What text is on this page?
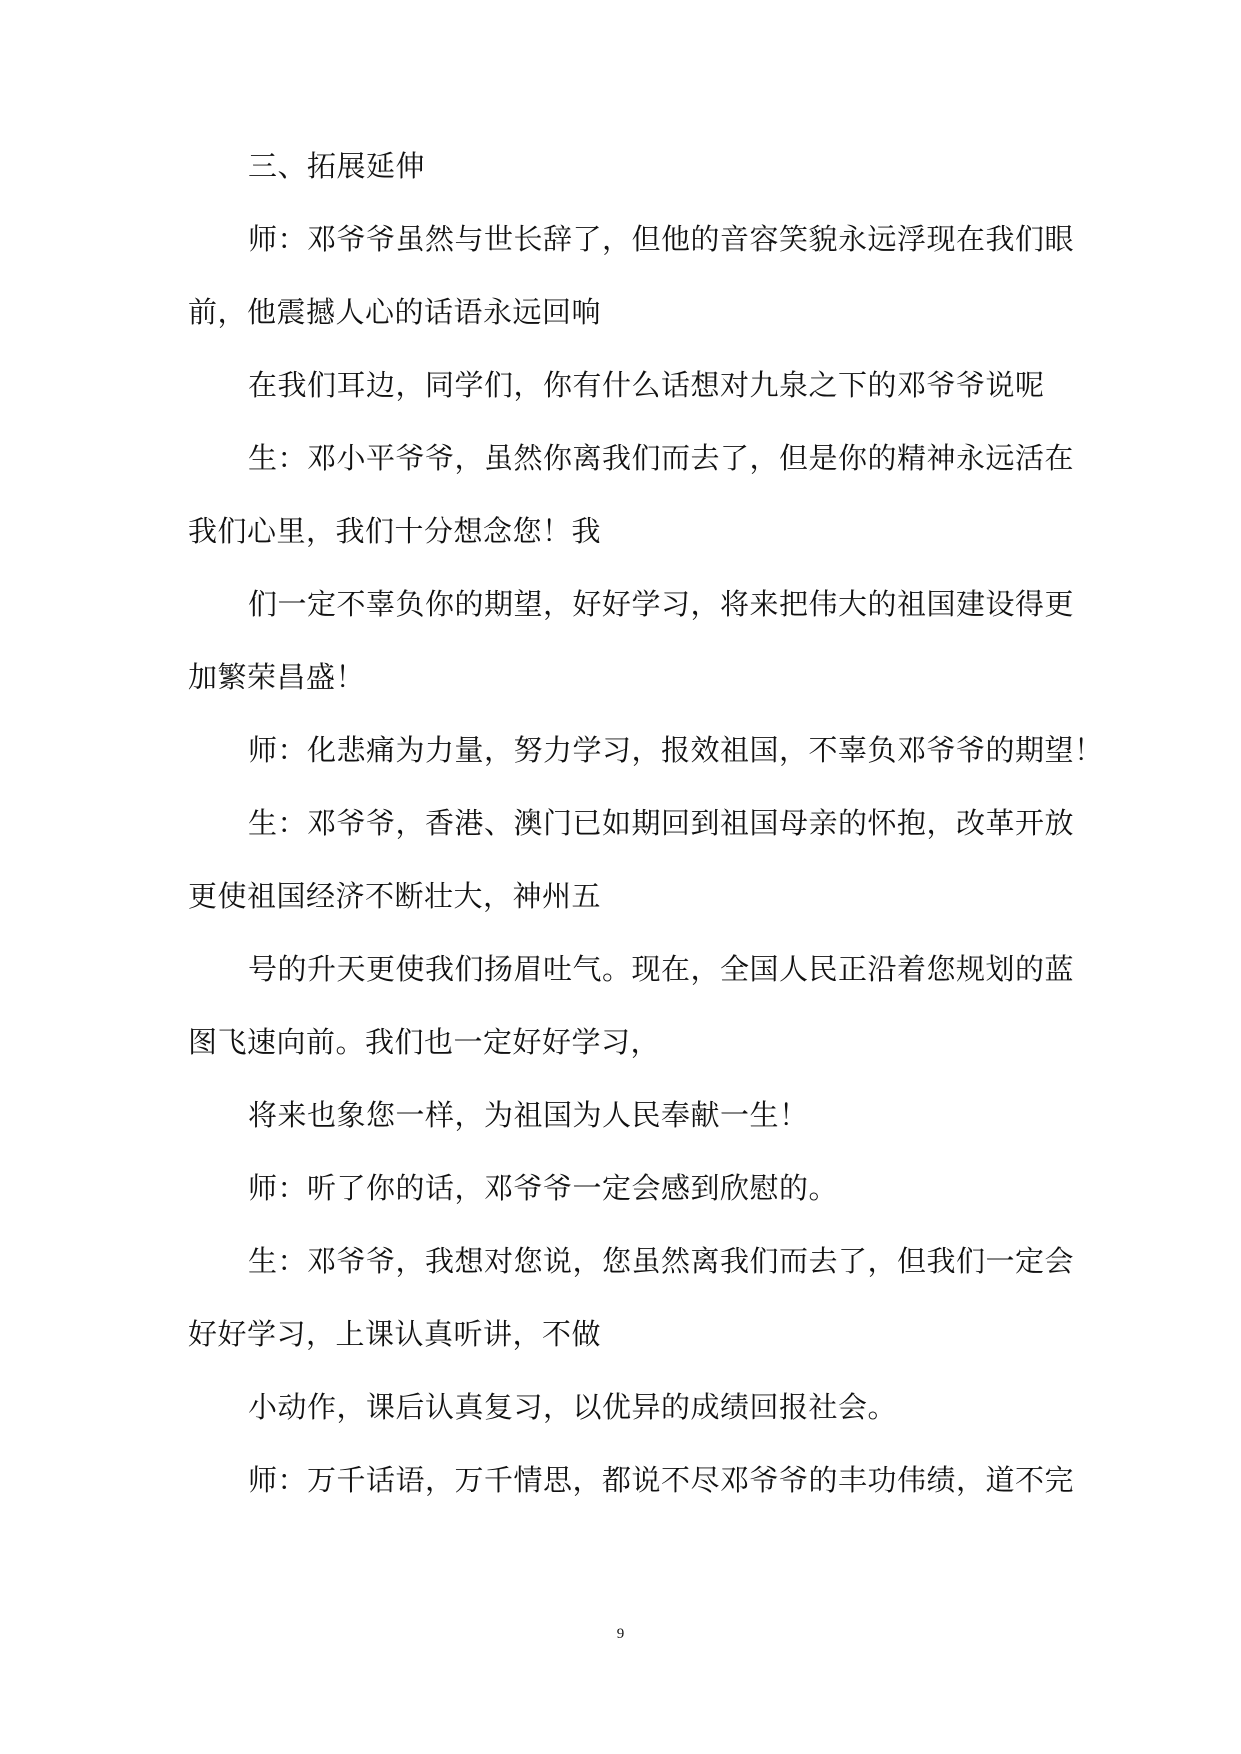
三、拓展延伸
师：邓爷爷虽然与世长辞了，但他的音容笑貌永远浮现在我们眼
前，他震撼人心的话语永远回响
在我们耳边，同学们，你有什么话想对九泉之下的邓爷爷说呢
生：邓小平爷爷，虽然你离我们而去了，但是你的精神永远活在
我们心里，我们十分想念您！我
们一定不辜负你的期望，好好学习，将来把伟大的祖国建设得更
加繁荣昌盛！
师：化悲痛为力量，努力学习，报效祖国，不辜负邓爷爷的期望！
生：邓爷爷，香港、澳门已如期回到祖国母亲的怀抱，改革开放
更使祖国经济不断壮大，神州五
号的升天更使我们扬眉吐气。现在，全国人民正沿着您规划的蓝
图飞速向前。我们也一定好好学习，
将来也象您一样，为祖国为人民奉献一生！
师：听了你的话，邓爷爷一定会感到欣慰的。
生：邓爷爷，我想对您说，您虽然离我们而去了，但我们一定会
好好学习，上课认真听讲，不做
小动作，课后认真复习，以优异的成绩回报社会。
师：万千话语，万千情思，都说不尽邓爷爷的丰功伟绩，道不完
9
